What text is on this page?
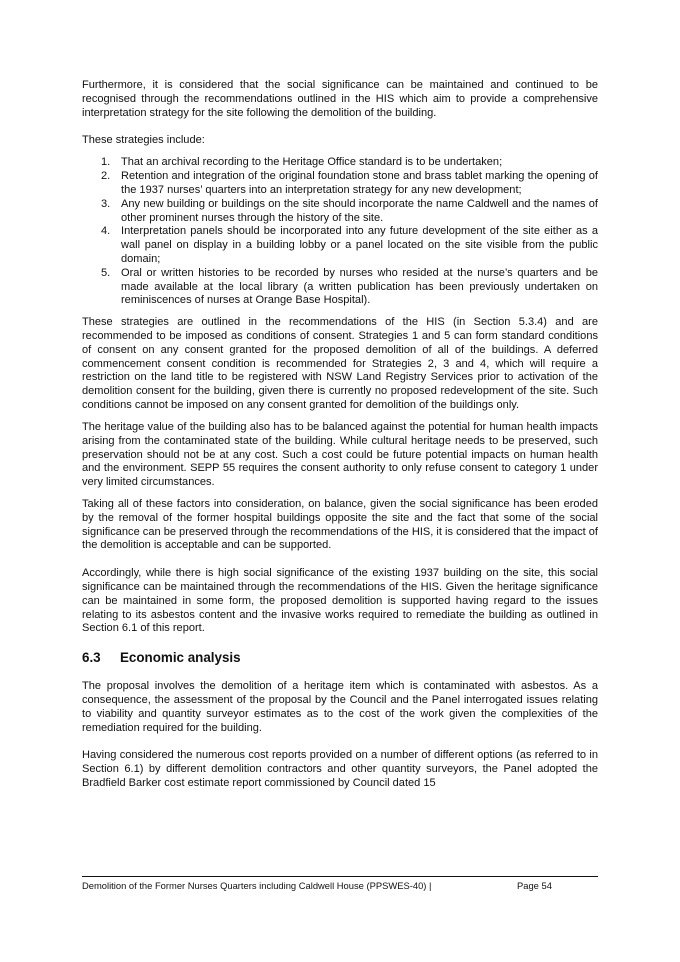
Furthermore, it is considered that the social significance can be maintained and continued to be recognised through the recommendations outlined in the HIS which aim to provide a comprehensive interpretation strategy for the site following the demolition of the building.

These strategies include:

1. That an archival recording to the Heritage Office standard is to be undertaken;
2. Retention and integration of the original foundation stone and brass tablet marking the opening of the 1937 nurses’ quarters into an interpretation strategy for any new development;
3. Any new building or buildings on the site should incorporate the name Caldwell and the names of other prominent nurses through the history of the site.
4. Interpretation panels should be incorporated into any future development of the site either as a wall panel on display in a building lobby or a panel located on the site visible from the public domain;
5. Oral or written histories to be recorded by nurses who resided at the nurse’s quarters and be made available at the local library (a written publication has been previously undertaken on reminiscences of nurses at Orange Base Hospital).

These strategies are outlined in the recommendations of the HIS (in Section 5.3.4) and are recommended to be imposed as conditions of consent. Strategies 1 and 5 can form standard conditions of consent on any consent granted for the proposed demolition of all of the buildings. A deferred commencement consent condition is recommended for Strategies 2, 3 and 4, which will require a restriction on the land title to be registered with NSW Land Registry Services prior to activation of the demolition consent for the building, given there is currently no proposed redevelopment of the site. Such conditions cannot be imposed on any consent granted for demolition of the buildings only.

The heritage value of the building also has to be balanced against the potential for human health impacts arising from the contaminated state of the building. While cultural heritage needs to be preserved, such preservation should not be at any cost. Such a cost could be future potential impacts on human health and the environment. SEPP 55 requires the consent authority to only refuse consent to category 1 under very limited circumstances.

Taking all of these factors into consideration, on balance, given the social significance has been eroded by the removal of the former hospital buildings opposite the site and the fact that some of the social significance can be preserved through the recommendations of the HIS, it is considered that the impact of the demolition is acceptable and can be supported.

Accordingly, while there is high social significance of the existing 1937 building on the site, this social significance can be maintained through the recommendations of the HIS. Given the heritage significance can be maintained in some form, the proposed demolition is supported having regard to the issues relating to its asbestos content and the invasive works required to remediate the building as outlined in Section 6.1 of this report.

6.3	Economic analysis

The proposal involves the demolition of a heritage item which is contaminated with asbestos. As a consequence, the assessment of the proposal by the Council and the Panel interrogated issues relating to viability and quantity surveyor estimates as to the cost of the work given the complexities of the remediation required for the building.

Having considered the numerous cost reports provided on a number of different options (as referred to in Section 6.1) by different demolition contractors and other quantity surveyors, the Panel adopted the Bradfield Barker cost estimate report commissioned by Council dated 15

Demolition of the Former Nurses Quarters including Caldwell House (PPSWES-40) |	Page 54
